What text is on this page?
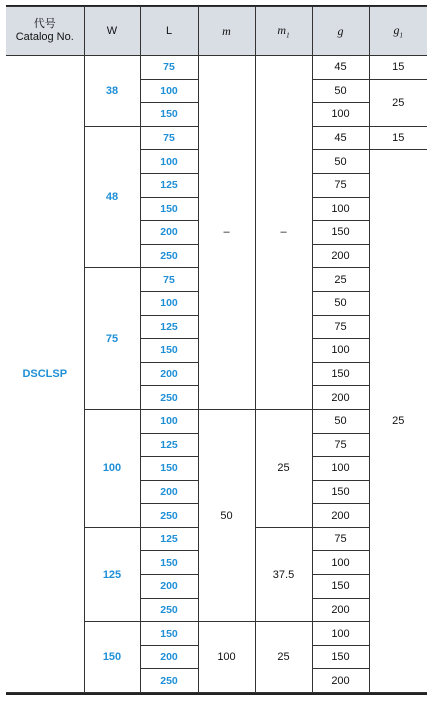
代号
Catalog No.	W	L	m	$m_1$	g	$g_1$
DSCLSP	38	75	–	–	45	15
		100			50	25
		150			100	
	48	75			45	15
		100			50	25
		125			75	
		150			100	
		200			150	
		250			200	
	75	75			25	
		100			50	
		125			75	
		150			100	
		200			150	
		250			200	
	100	100	50	25	50	
		125			75	
		150			100	
		200			150	
		250			200	
	125	125		37.5	75	
		150			100	
		200			150	
		250			200	
	150	150	100	25	100	
		200			150	
		250			200	
